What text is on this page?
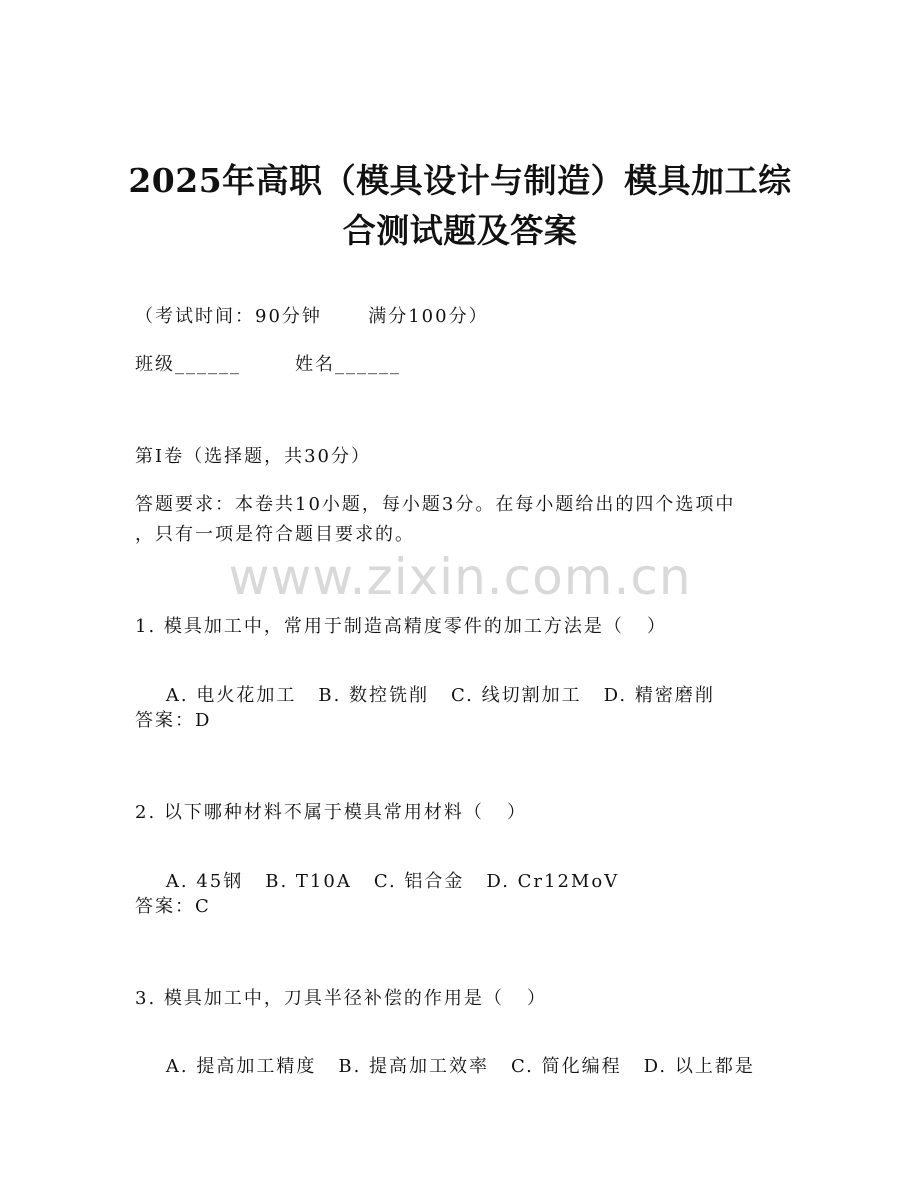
2025年高职（模具设计与制造）模具加工综
合测试题及答案
（考试时间：90分钟      满分100分）
班级______       姓名______
第I卷（选择题，共30分）
答题要求：本卷共10小题，每小题3分。在每小题给出的四个选项中
，只有一项是符合题目要求的。
www.zixin.com.cn
1. 模具加工中，常用于制造高精度零件的加工方法是（   ）

A. 电火花加工 B. 数控铣削 C. 线切割加工 D. 精密磨削

答案：D
2. 以下哪种材料不属于模具常用材料（   ）

A. 45钢 B. T10A C. 铝合金 D. Cr12MoV

答案：C
3. 模具加工中，刀具半径补偿的作用是（   ）

A. 提高加工精度 B. 提高加工效率 C. 简化编程 D. 以上都是
